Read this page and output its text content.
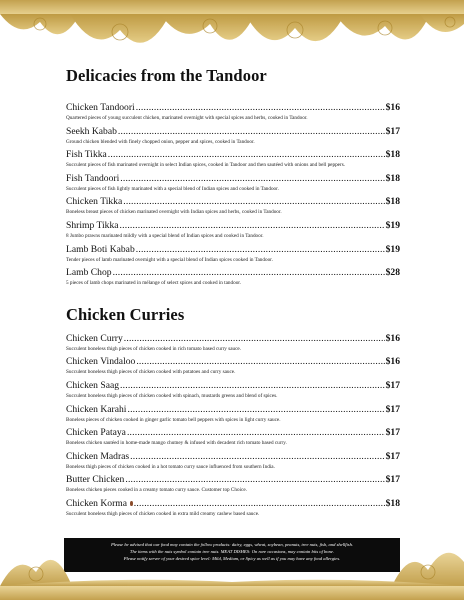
Delicacies from the Tandoor
Chicken Tandoori .....	$16
Quartered pieces of young succulent chicken, marinated overnight with special spices and herbs, cooked in Tandoor.
Seekh Kabab .....	$17
Ground chicken blended with finely chopped onion, pepper and spices, cooked in Tandoor.
Fish Tikka .....	$18
Succulent pieces of fish marinated overnight in select Indian spices, cooked in Tandoor and then sautéed with onions and bell peppers.
Fish Tandoori .....	$18
Succulent pieces of fish lightly marinated with a special blend of Indian spices and cooked in Tandoor.
Chicken Tikka .....	$18
Boneless breast pieces of chicken marinated overnight with Indian spices and herbs, cooked in Tandoor.
Shrimp Tikka .....	$19
8 Jumbo prawns marinated mildly with a special blend of Indian spices and cooked in Tandoor.
Lamb Boti Kabab .....	$19
Tender pieces of lamb marinated overnight with a special blend of Indian spices cooked in Tandoor.
Lamb Chop .....	$28
5 pieces of lamb chops marinated in mélange of select spices and cooked in tandoor.
Chicken Curries
Chicken Curry .....	$16
Succulent boneless thigh pieces of chicken cooked in rich tomato based curry sauce.
Chicken Vindaloo .....	$16
Succulent boneless thigh pieces of chicken cooked with potatoes and curry sauce.
Chicken Saag .....	$17
Succulent boneless thigh pieces of chicken cooked with spinach, mustards greens and blend of spices.
Chicken Karahi .....	$17
Boneless pieces of chicken cooked in ginger garlic tomato bell peppers with spices in light curry sauce.
Chicken Pataya .....	$17
Boneless chicken sautéed in home-made mango chutney & infused with decadent rich tomato based curry.
Chicken Madras .....	$17
Boneless thigh pieces of chicken cooked in a hot tomato curry sauce influenced from southern India.
Butter Chicken .....	$17
Boneless chicken pieces cooked in a creamy tomato curry sauce. Customer top Choice.
Chicken Korma .....	$18
Succulent boneless thigh pieces of chicken cooked in extra mild creamy cashew based sauce.
Please be advised that our food may contain the follow products: dairy, eggs, wheat, soybean, peanuts, tree nuts, fish, and shellfish.
The items with the nuts symbol contain tree nuts. MEAT DISHES: On rare occasions, may contain bits of bone.
Please notify server of your desired spice level: Mild, Medium, or Spicy as well as if you may have any food allergies.
